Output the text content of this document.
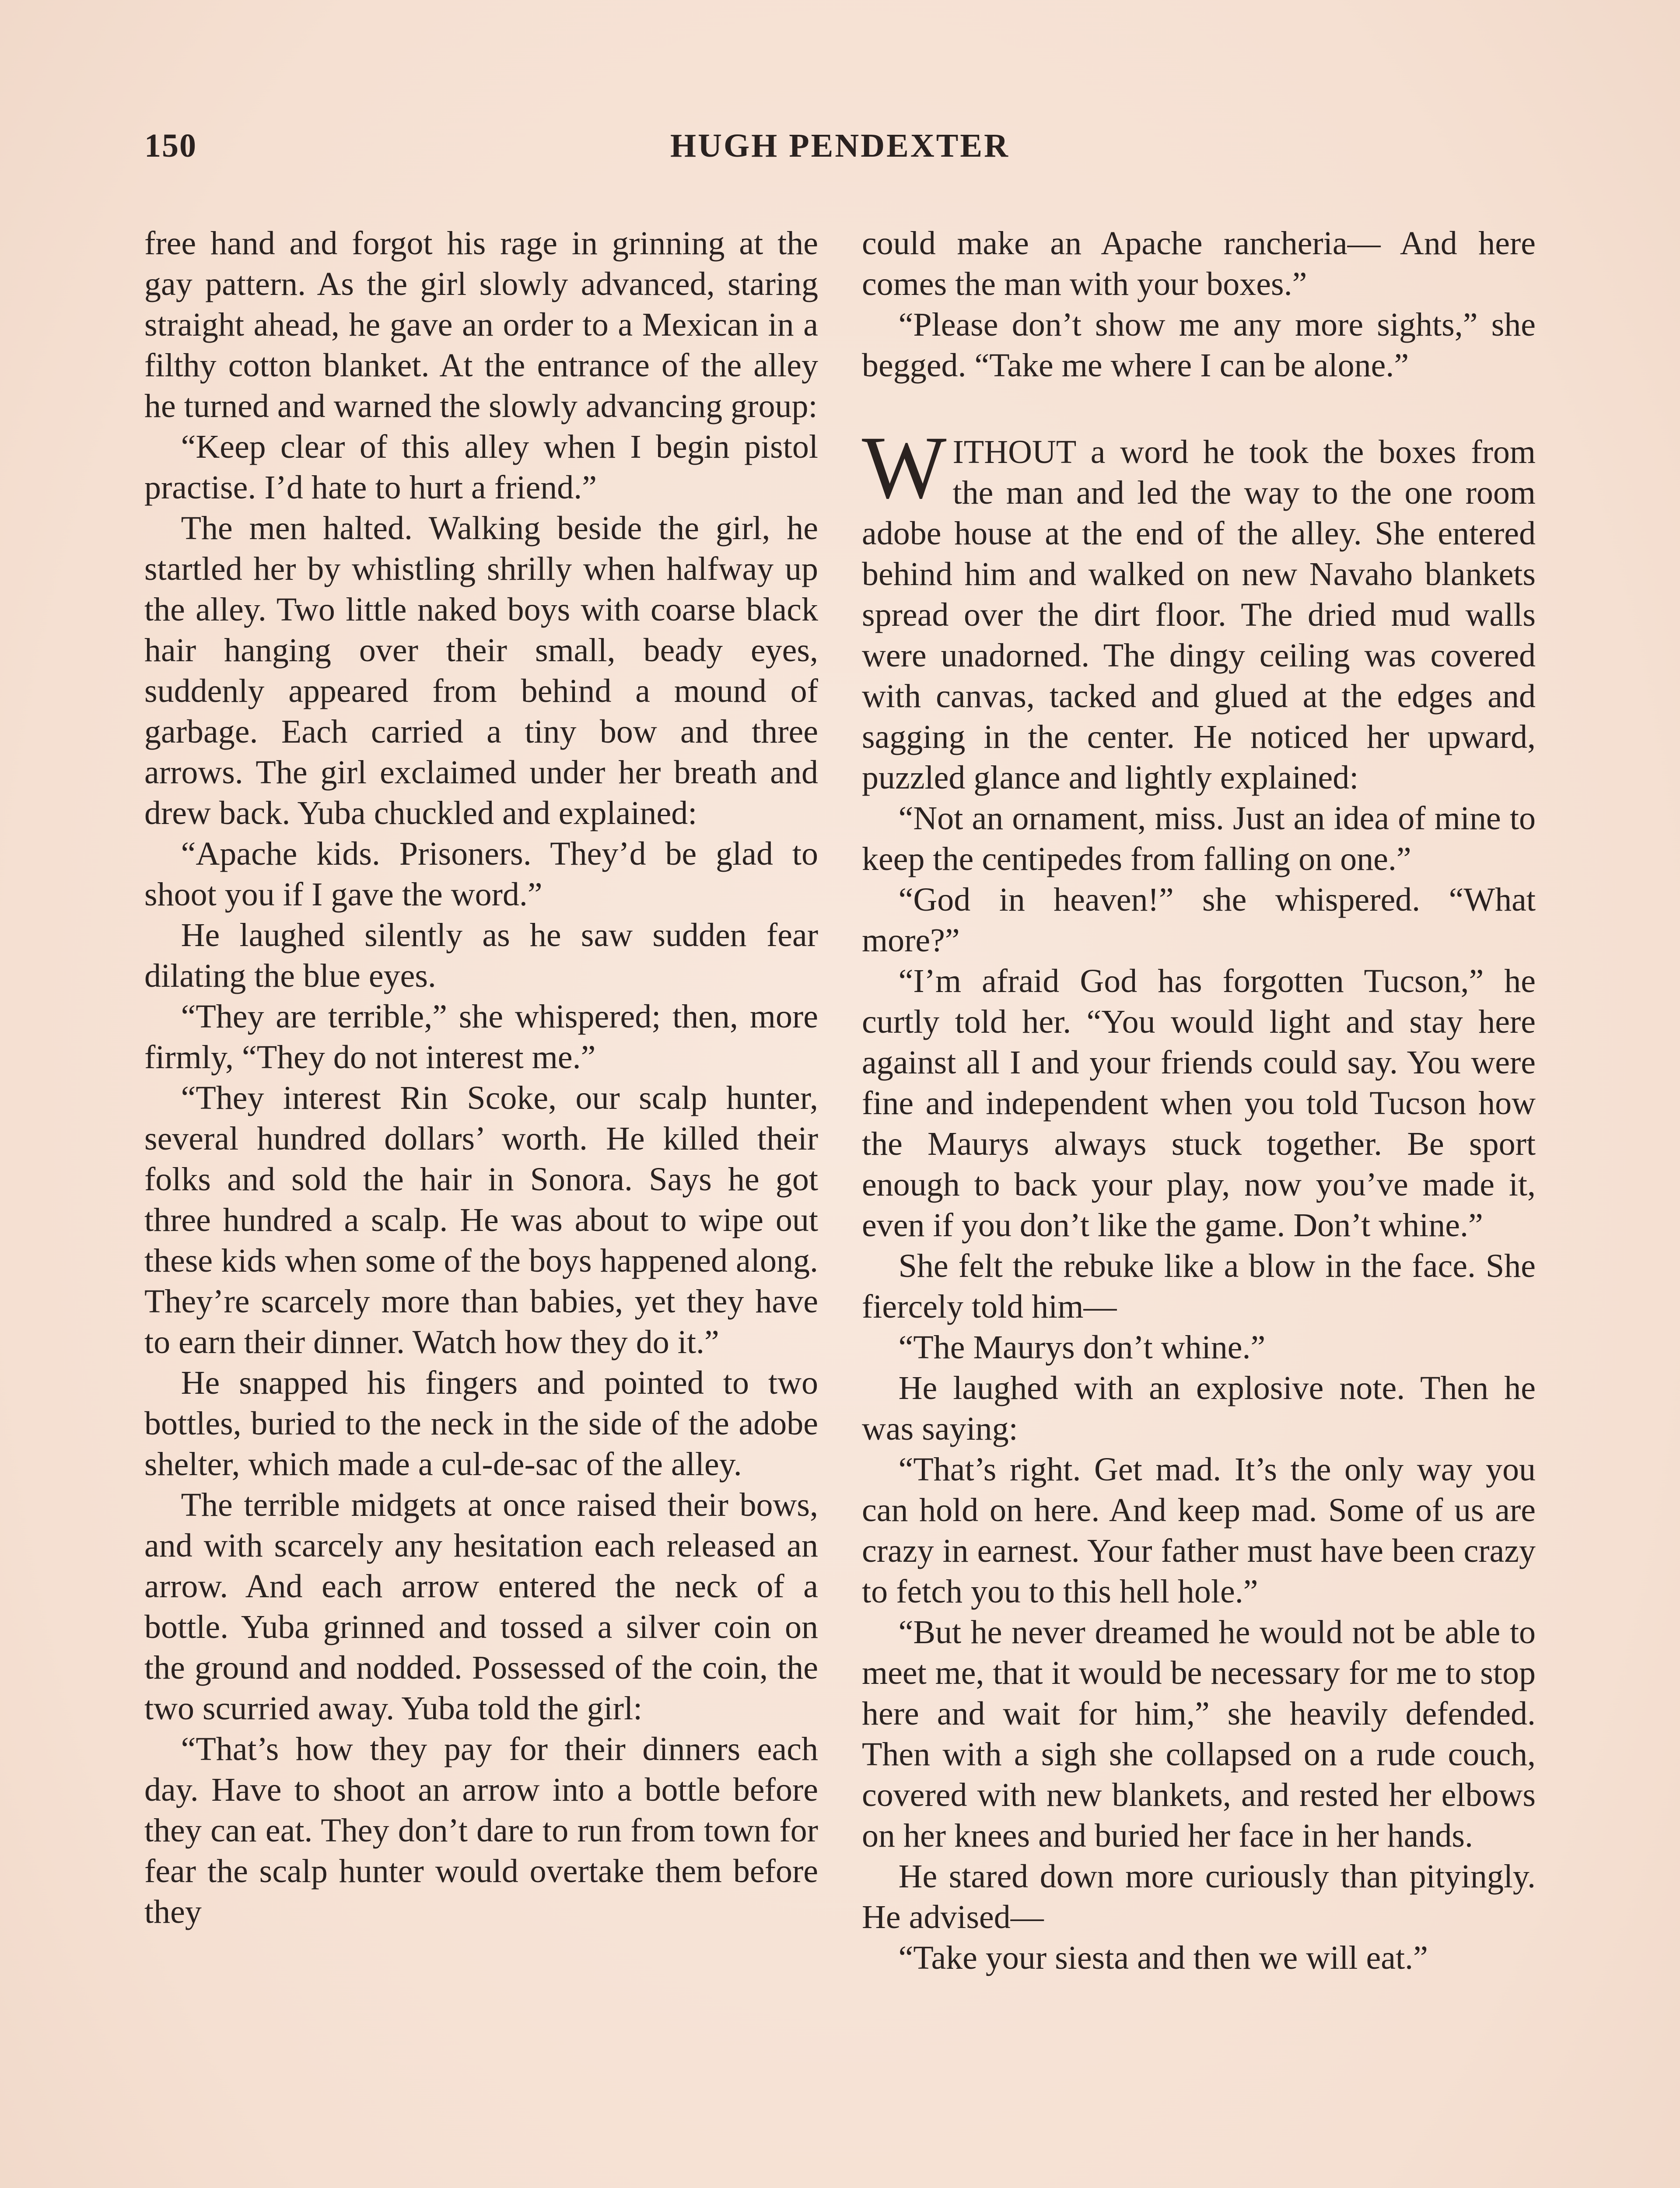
150	HUGH PENDEXTER

free hand and forgot his rage in grinning at the gay pattern. As the girl slowly advanced, staring straight ahead, he gave an order to a Mexican in a filthy cotton blanket. At the entrance of the alley he turned and warned the slowly advancing group:

“Keep clear of this alley when I begin pistol practise. I’d hate to hurt a friend.”

The men halted. Walking beside the girl, he startled her by whistling shrilly when halfway up the alley. Two little naked boys with coarse black hair hanging over their small, beady eyes, suddenly appeared from behind a mound of garbage. Each carried a tiny bow and three arrows. The girl exclaimed under her breath and drew back. Yuba chuckled and explained:

“Apache kids. Prisoners. They’d be glad to shoot you if I gave the word.”

He laughed silently as he saw sudden fear dilating the blue eyes.

“They are terrible,” she whispered; then, more firmly, “They do not interest me.”

“They interest Rin Scoke, our scalp hunter, several hundred dollars’ worth. He killed their folks and sold the hair in Sonora. Says he got three hundred a scalp. He was about to wipe out these kids when some of the boys happened along. They’re scarcely more than babies, yet they have to earn their dinner. Watch how they do it.”

He snapped his fingers and pointed to two bottles, buried to the neck in the side of the adobe shelter, which made a cul-de-sac of the alley.

The terrible midgets at once raised their bows, and with scarcely any hesitation each released an arrow. And each arrow entered the neck of a bottle. Yuba grinned and tossed a silver coin on the ground and nodded. Possessed of the coin, the two scurried away. Yuba told the girl:

“That’s how they pay for their dinners each day. Have to shoot an arrow into a bottle before they can eat. They don’t dare to run from town for fear the scalp hunter would overtake them before they

could make an Apache rancheria— And here comes the man with your boxes.”

“Please don’t show me any more sights,” she begged. “Take me where I can be alone.”

WITHOUT a word he took the boxes from the man and led the way to the one room adobe house at the end of the alley. She entered behind him and walked on new Navaho blankets spread over the dirt floor. The dried mud walls were unadorned. The dingy ceiling was covered with canvas, tacked and glued at the edges and sagging in the center. He noticed her upward, puzzled glance and lightly explained:

“Not an ornament, miss. Just an idea of mine to keep the centipedes from falling on one.”

“God in heaven!” she whispered. “What more?”

“I’m afraid God has forgotten Tucson,” he curtly told her. “You would light and stay here against all I and your friends could say. You were fine and independent when you told Tucson how the Maurys always stuck together. Be sport enough to back your play, now you’ve made it, even if you don’t like the game. Don’t whine.”

She felt the rebuke like a blow in the face. She fiercely told him—

“The Maurys don’t whine.”

He laughed with an explosive note. Then he was saying:

“That’s right. Get mad. It’s the only way you can hold on here. And keep mad. Some of us are crazy in earnest. Your father must have been crazy to fetch you to this hell hole.”

“But he never dreamed he would not be able to meet me, that it would be necessary for me to stop here and wait for him,” she heavily defended. Then with a sigh she collapsed on a rude couch, covered with new blankets, and rested her elbows on her knees and buried her face in her hands.

He stared down more curiously than pityingly. He advised—

“Take your siesta and then we will eat.”
